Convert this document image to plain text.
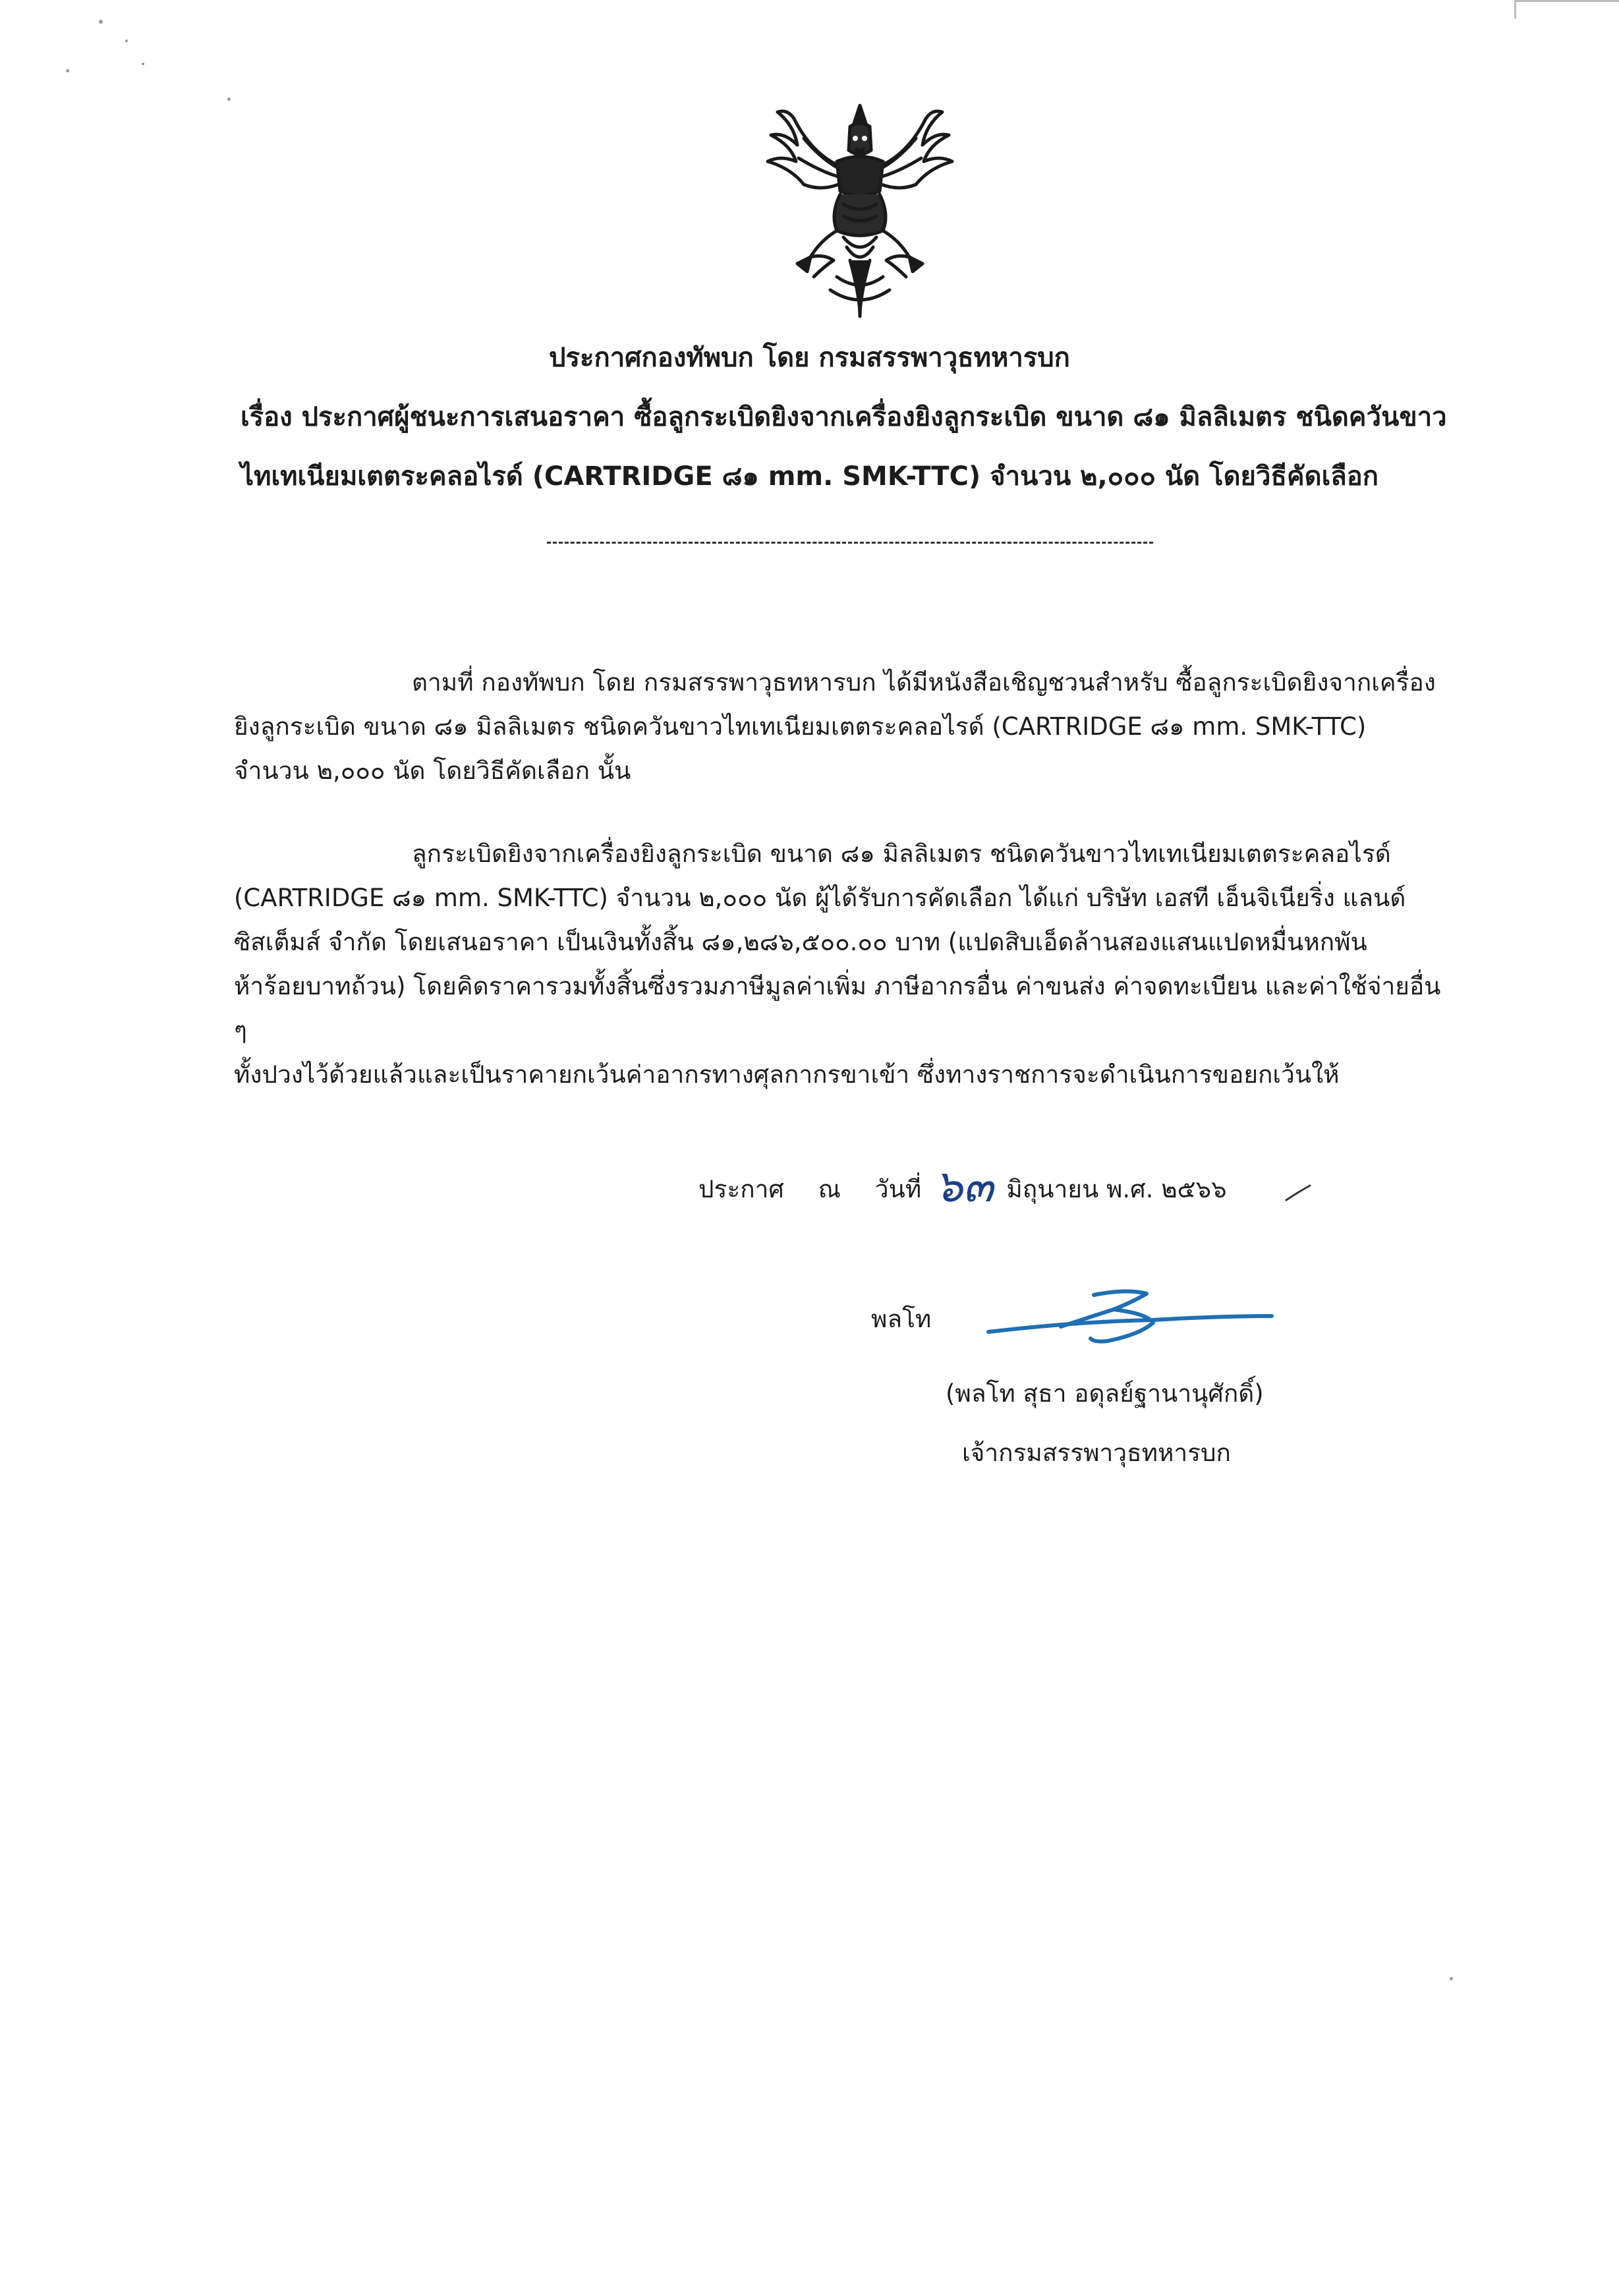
ประกาศกองทัพบก โดย กรมสรรพาวุธทหารบก
เรื่อง ประกาศผู้ชนะการเสนอราคา ซื้อลูกระเบิดยิงจากเครื่องยิงลูกระเบิด ขนาด ๘๑ มิลลิเมตร ชนิดควันขาว
ไทเทเนียมเตตระคลอไรด์ (CARTRIDGE ๘๑ mm. SMK-TTC) จำนวน ๒,๐๐๐ นัด โดยวิธีคัดเลือก
ตามที่ กองทัพบก โดย กรมสรรพาวุธทหารบก ได้มีหนังสือเชิญชวนสำหรับ ซื้อลูกระเบิดยิงจากเครื่อง
ยิงลูกระเบิด ขนาด ๘๑ มิลลิเมตร ชนิดควันขาวไทเทเนียมเตตระคลอไรด์ (CARTRIDGE ๘๑ mm. SMK-TTC)
จำนวน ๒,๐๐๐ นัด โดยวิธีคัดเลือก นั้น
ลูกระเบิดยิงจากเครื่องยิงลูกระเบิด ขนาด ๘๑ มิลลิเมตร ชนิดควันขาวไทเทเนียมเตตระคลอไรด์
(CARTRIDGE ๘๑ mm. SMK-TTC) จำนวน ๒,๐๐๐ นัด ผู้ได้รับการคัดเลือก ได้แก่ บริษัท เอสที เอ็นจิเนียริ่ง แลนด์
ซิสเต็มส์ จำกัด โดยเสนอราคา เป็นเงินทั้งสิ้น ๘๑,๒๘๖,๕๐๐.๐๐ บาท (แปดสิบเอ็ดล้านสองแสนแปดหมื่นหกพัน
ห้าร้อยบาทถ้วน) โดยคิดราคารวมทั้งสิ้นซึ่งรวมภาษีมูลค่าเพิ่ม ภาษีอากรอื่น ค่าขนส่ง ค่าจดทะเบียน และค่าใช้จ่ายอื่น ๆ
ทั้งปวงไว้ด้วยแล้วและเป็นราคายกเว้นค่าอากรทางศุลกากรขาเข้า ซึ่งทางราชการจะดำเนินการขอยกเว้นให้
ประกาศ ณ วันที่ ๖๓ มิถุนายน พ.ศ. ๒๕๖๖
พลโท
(พลโท สุธา อดุลย์ฐานานุศักดิ์)
เจ้ากรมสรรพาวุธทหารบก
